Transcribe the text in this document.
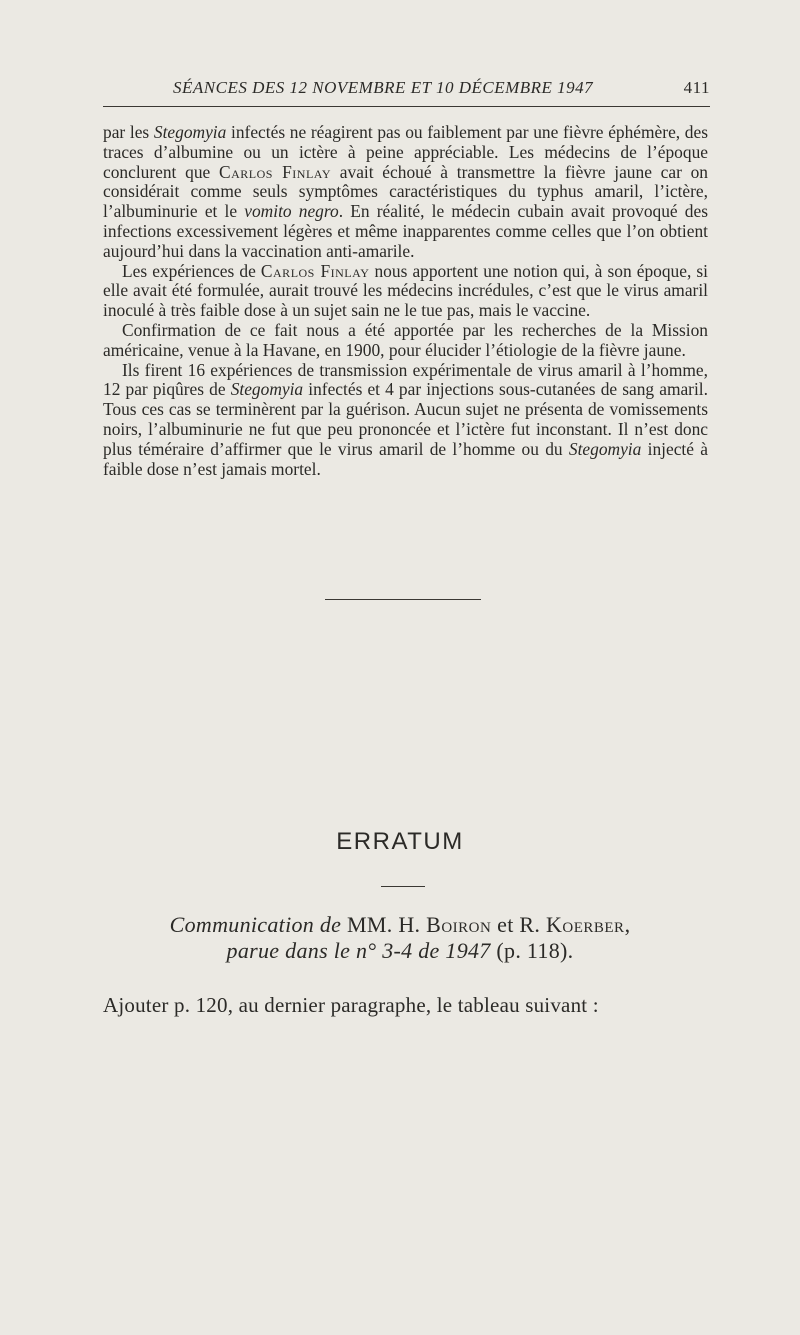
SÉANCES DES 12 NOVEMBRE ET 10 DÉCEMBRE 1947	411

par les Stegomyia infectés ne réagirent pas ou faiblement par une fièvre éphémère, des traces d’albumine ou un ictère à peine appréciable. Les médecins de l’époque conclurent que Carlos Finlay avait échoué à transmettre la fièvre jaune car on considérait comme seuls symptômes caractéristiques du typhus amaril, l’ictère, l’albuminurie et le vomito negro. En réalité, le médecin cubain avait provoqué des infections excessivement légères et même inapparentes comme celles que l’on obtient aujourd’hui dans la vaccination anti-amarile.

Les expériences de Carlos Finlay nous apportent une notion qui, à son époque, si elle avait été formulée, aurait trouvé les médecins incrédules, c’est que le virus amaril inoculé à très faible dose à un sujet sain ne le tue pas, mais le vaccine.

Confirmation de ce fait nous a été apportée par les recherches de la Mission américaine, venue à la Havane, en 1900, pour élucider l’étiologie de la fièvre jaune.

Ils firent 16 expériences de transmission expérimentale de virus amaril à l’homme, 12 par piqûres de Stegomyia infectés et 4 par injections sous-cutanées de sang amaril. Tous ces cas se terminèrent par la guérison. Aucun sujet ne présenta de vomissements noirs, l’albuminurie ne fut que peu prononcée et l’ictère fut inconstant. Il n’est donc plus téméraire d’affirmer que le virus amaril de l’homme ou du Stegomyia injecté à faible dose n’est jamais mortel.

ERRATUM
Communication de MM. H. Boiron et R. Koerber,
parue dans le n° 3-4 de 1947 (p. 118).
Ajouter p. 120, au dernier paragraphe, le tableau suivant :
